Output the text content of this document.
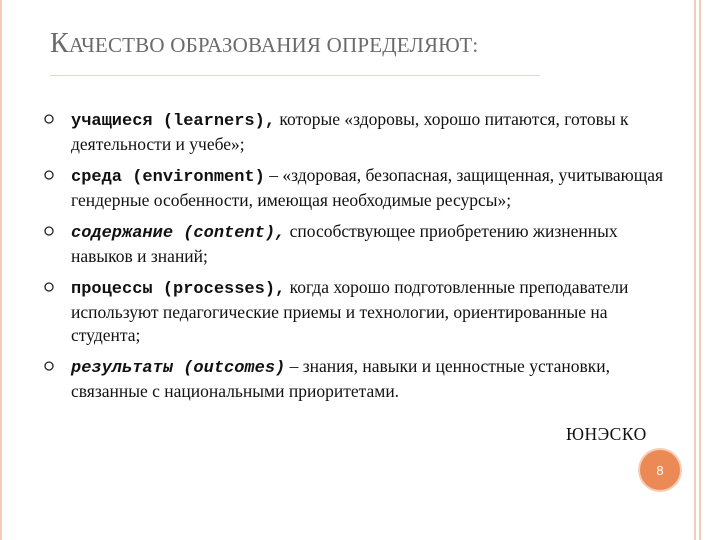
КАЧЕСТВО ОБРАЗОВАНИЯ ОПРЕДЕЛЯЮТ:
учащиеся (learners), которые «здоровы, хорошо питаются, готовы к деятельности и учебе»;
среда (environment) – «здоровая, безопасная, защищенная, учитывающая гендерные особенности, имеющая необходимые ресурсы»;
содержание (content), способствующее приобретению жизненных навыков и знаний;
процессы (processes), когда хорошо подготовленные преподаватели используют педагогические приемы и технологии, ориентированные на студента;
результаты (outcomes) – знания, навыки и ценностные установки, связанные с национальными приоритетами.
ЮНЭСКО
8
